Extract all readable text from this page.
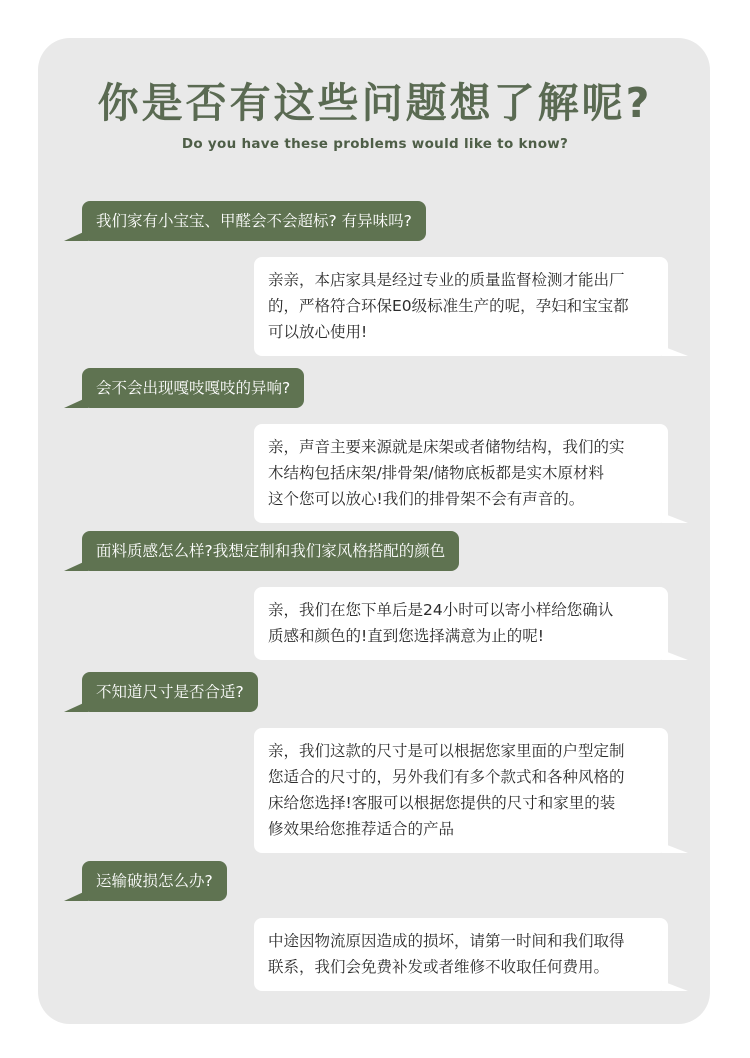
你是否有这些问题想了解呢?
Do you have these problems would like to know?
我们家有小宝宝、甲醛会不会超标? 有异味吗?
亲亲，本店家具是经过专业的质量监督检测才能出厂
的，严格符合环保E0级标准生产的呢，孕妇和宝宝都
可以放心使用!
会不会出现嘎吱嘎吱的异响?
亲，声音主要来源就是床架或者储物结构，我们的实
木结构包括床架/排骨架/储物底板都是实木原材料
这个您可以放心!我们的排骨架不会有声音的。
面料质感怎么样?我想定制和我们家风格搭配的颜色
亲，我们在您下单后是24小时可以寄小样给您确认
质感和颜色的!直到您选择满意为止的呢!
不知道尺寸是否合适?
亲，我们这款的尺寸是可以根据您家里面的户型定制
您适合的尺寸的，另外我们有多个款式和各种风格的
床给您选择!客服可以根据您提供的尺寸和家里的装
修效果给您推荐适合的产品
运输破损怎么办?
中途因物流原因造成的损坏，请第一时间和我们取得
联系，我们会免费补发或者维修不收取任何费用。
